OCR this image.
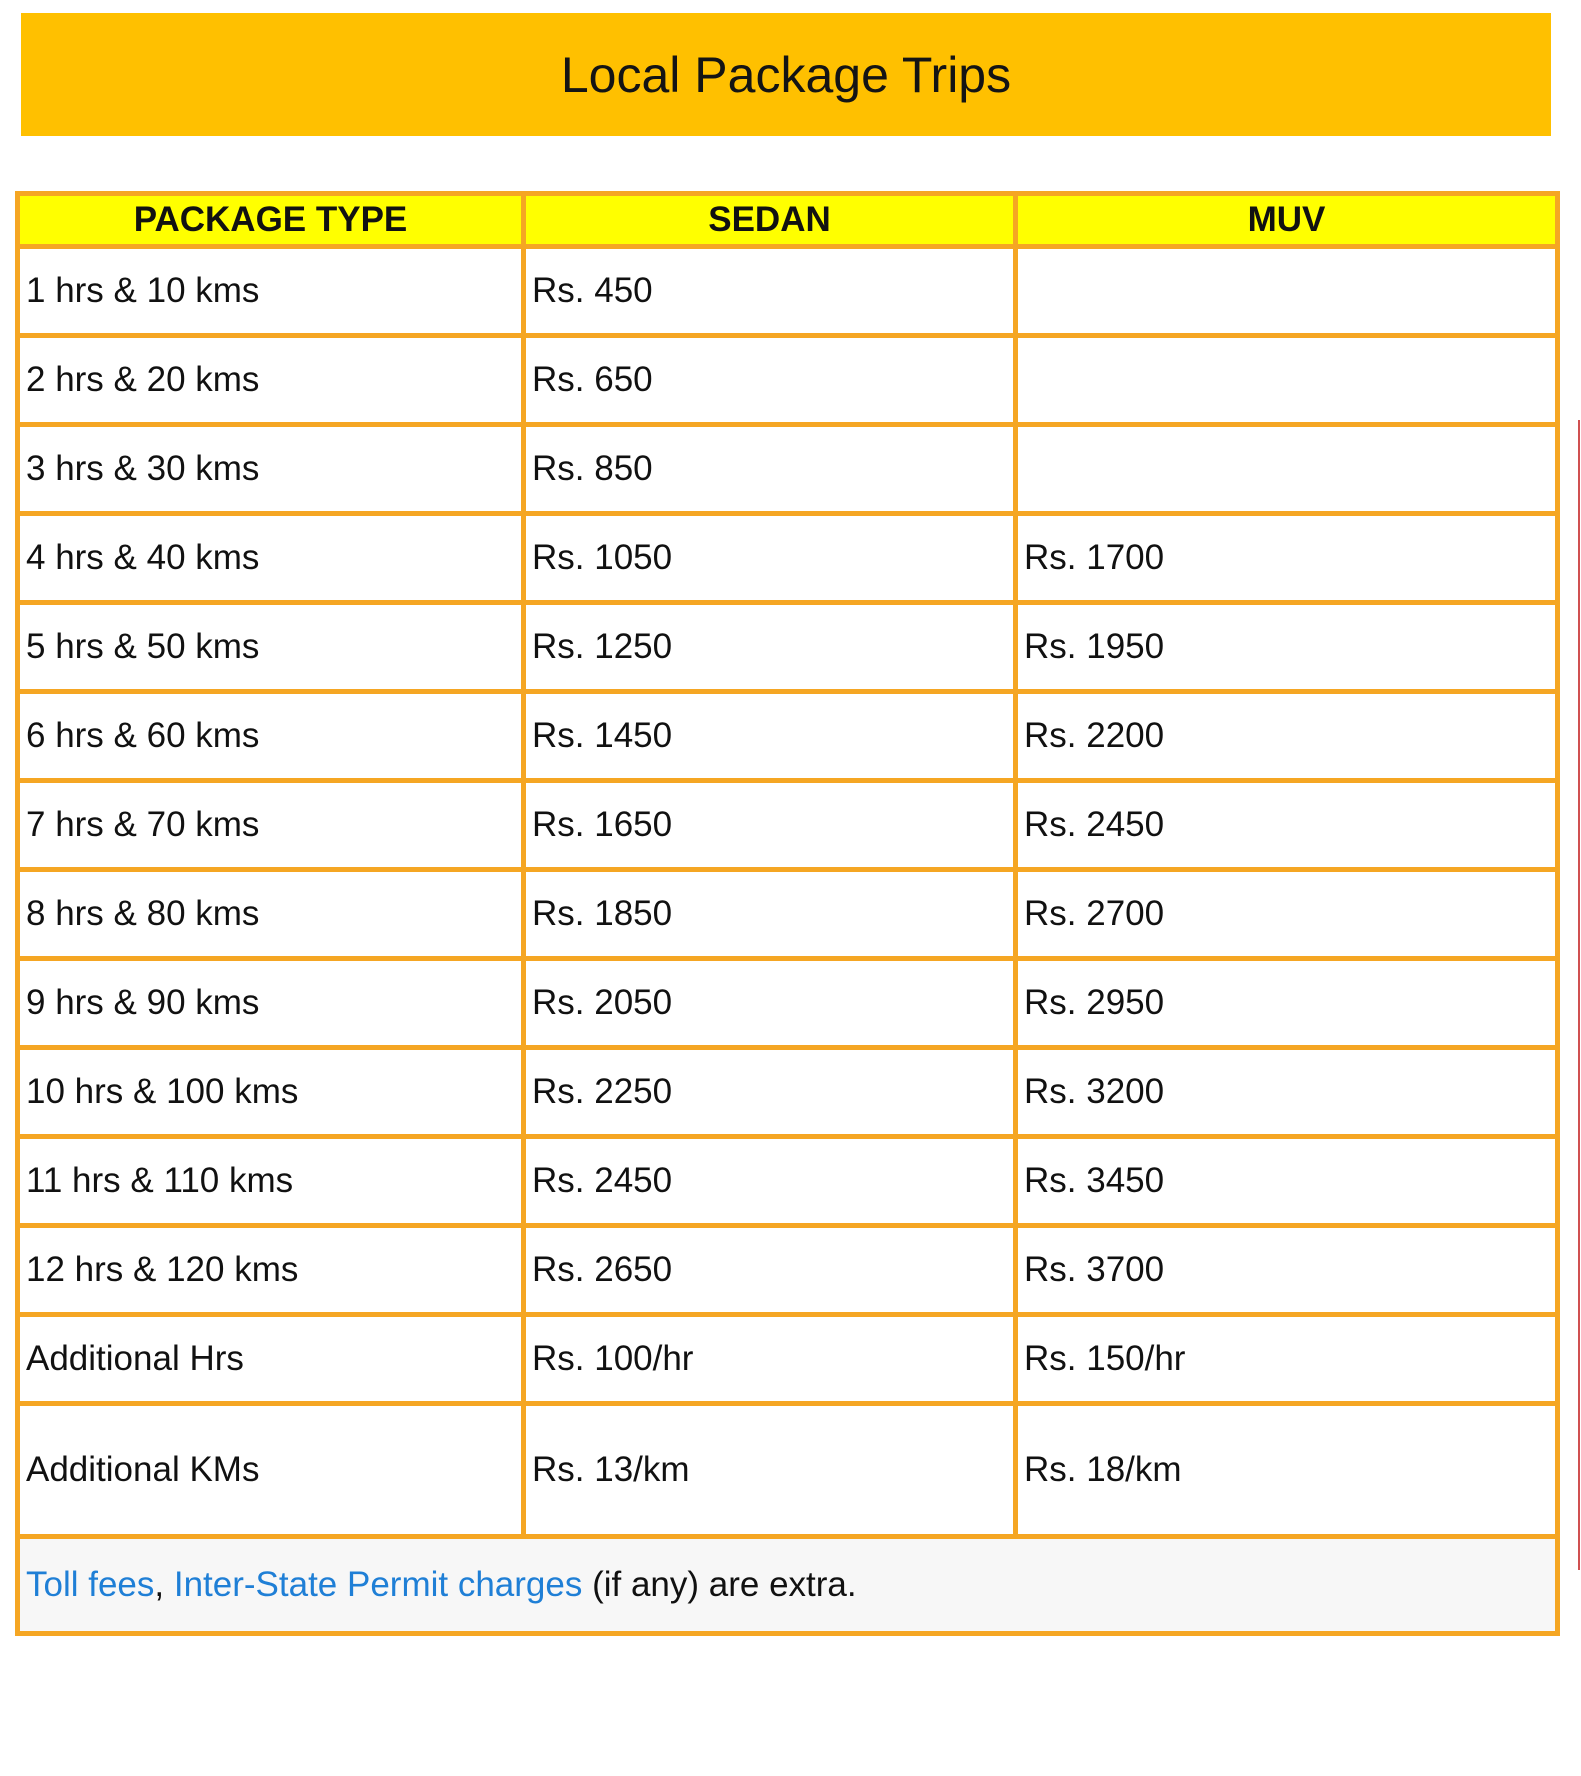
Local Package Trips
PACKAGE TYPE	SEDAN	MUV
1 hrs & 10 kms	Rs. 450	
2 hrs & 20 kms	Rs. 650	
3 hrs & 30 kms	Rs. 850	
4 hrs & 40 kms	Rs. 1050	Rs. 1700
5 hrs & 50 kms	Rs. 1250	Rs. 1950
6 hrs & 60 kms	Rs. 1450	Rs. 2200
7 hrs & 70 kms	Rs. 1650	Rs. 2450
8 hrs & 80 kms	Rs. 1850	Rs. 2700
9 hrs & 90 kms	Rs. 2050	Rs. 2950
10 hrs & 100 kms	Rs. 2250	Rs. 3200
11 hrs & 110 kms	Rs. 2450	Rs. 3450
12 hrs & 120 kms	Rs. 2650	Rs. 3700
Additional Hrs	Rs. 100/hr	Rs. 150/hr
Additional KMs	Rs. 13/km	Rs. 18/km
Toll fees, Inter-State Permit charges (if any) are extra.		
